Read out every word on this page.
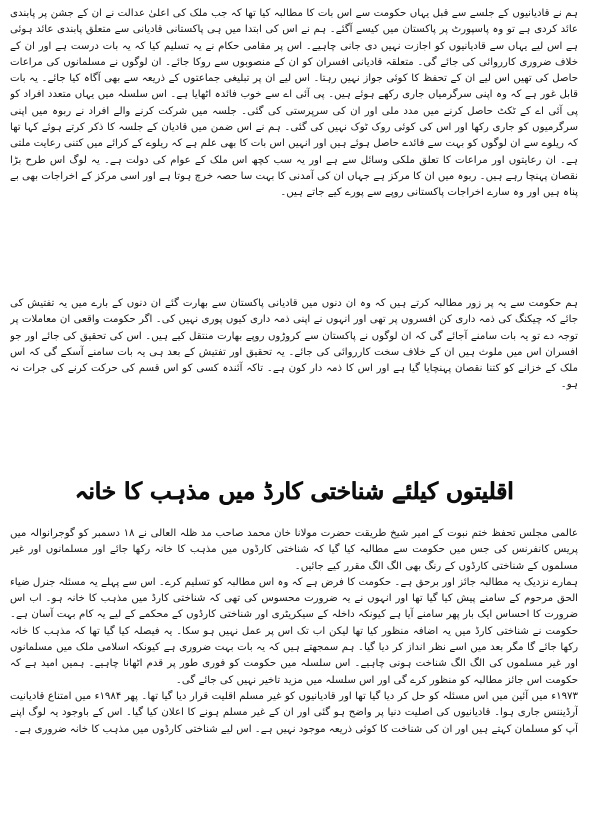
ہم نے قادیانیوں کے جلسے سے قبل یہاں حکومت سے اس بات کا مطالبہ کیا تھا کہ جب ملک کی اعلیٰ عدالت نے ان کے جشن پر پابندی عائد کردی ہے تو وہ پاسپورٹ پر پاکستان میں کیسے آگئے۔ ہم نے اس کی ابتدا میں ہی پاکستانی قادیانی سے متعلق پابندی عائد ہوئی ہے اس لیے یہاں سے قادیانیوں کو اجازت نہیں دی جانی چاہیے۔ اس پر مقامی حکام نے یہ تسلیم کیا کہ یہ بات درست ہے اور ان کے خلاف ضروری کارروائی کی جائے گی۔ متعلقہ قادیانی افسران کو ان کے منصوبوں سے روکا جائے۔ ان لوگوں نے مسلمانوں کی مراعات حاصل کی تھیں اس لیے ان کے تحفظ کا کوئی جواز نہیں رہتا۔ اس لیے ان پر تبلیغی جماعتوں کے ذریعہ سے بھی آگاہ کیا جائے۔ یہ بات قابل غور ہے کہ وہ اپنی سرگرمیاں جاری رکھے ہوئے ہیں۔ پی آئی اے سے خوب فائدہ اٹھایا ہے۔ اس سلسلہ میں یہاں متعدد افراد کو پی آئی اے کے ٹکٹ حاصل کرنے میں مدد ملی اور ان کی سرپرستی کی گئی۔ جلسہ میں شرکت کرنے والے افراد نے ربوہ میں اپنی سرگرمیوں کو جاری رکھا اور اس کی کوئی روک ٹوک نہیں کی گئی۔ ہم نے اس ضمن میں قادیان کے جلسہ کا ذکر کرتے ہوئے کہا تھا کہ ریلوے سے ان لوگوں کو بہت سے فائدے حاصل ہوئے ہیں اور انہیں اس بات کا بھی علم ہے کہ ریلوے کے کرائے میں کتنی رعایت ملتی ہے۔ ان رعایتوں اور مراعات کا تعلق ملکی وسائل سے ہے اور یہ سب کچھ اس ملک کے عوام کی دولت ہے۔ یہ لوگ اس طرح بڑا نقصان پہنچا رہے ہیں۔ ربوہ میں ان کا مرکز ہے جہاں ان کی آمدنی کا بہت سا حصہ خرچ ہوتا ہے اور اسی مرکز کے اخراجات بھی بے پناہ ہیں اور وہ سارے اخراجات پاکستانی روپے سے پورے کیے جاتے ہیں۔

ہم حکومت سے یہ پر زور مطالبہ کرتے ہیں کہ وہ ان دنوں میں قادیانی پاکستان سے بھارت گئے ان دنوں کے بارے میں یہ تفتیش کی جائے کہ چیکنگ کی ذمہ داری کن افسروں پر تھی اور انہوں نے اپنی ذمہ داری کیوں پوری نہیں کی۔ اگر حکومت واقعی ان معاملات پر توجہ دے تو یہ بات سامنے آجائے گی کہ ان لوگوں نے پاکستان سے کروڑوں روپے بھارت منتقل کیے ہیں۔ اس کی تحقیق کی جائے اور جو افسران اس میں ملوث ہیں ان کے خلاف سخت کارروائی کی جائے۔ یہ تحقیق اور تفتیش کے بعد ہی یہ بات سامنے آسکے گی کہ اس ملک کے خزانے کو کتنا نقصان پہنچایا گیا ہے اور اس کا ذمہ دار کون ہے۔ تاکہ آئندہ کسی کو اس قسم کی حرکت کرنے کی جرات نہ ہو۔

اقلیتوں کیلئے شناختی کارڈ میں مذہب کا خانہ

عالمی مجلس تحفظ ختم نبوت کے امیر شیخ طریقت حضرت مولانا خان محمد صاحب مد ظلہ العالی نے ۱۸ دسمبر کو گوجرانوالہ میں پریس کانفرنس کی جس میں حکومت سے مطالبہ کیا گیا کہ شناختی کارڈوں میں مذہب کا خانہ رکھا جائے اور مسلمانوں اور غیر مسلموں کے شناختی کارڈوں کے رنگ بھی الگ الگ مقرر کیے جائیں۔

ہمارے نزدیک یہ مطالبہ جائز اور برحق ہے۔ حکومت کا فرض ہے کہ وہ اس مطالبہ کو تسلیم کرے۔ اس سے پہلے یہ مسئلہ جنرل ضیاء الحق مرحوم کے سامنے پیش کیا گیا تھا اور انہوں نے یہ ضرورت محسوس کی تھی کہ شناختی کارڈ میں مذہب کا خانہ ہو۔ اب اس ضرورت کا احساس ایک بار پھر سامنے آیا ہے کیونکہ داخلہ کے سیکریٹری اور شناختی کارڈوں کے محکمے کے لیے یہ کام بہت آسان ہے۔ حکومت نے شناختی کارڈ میں یہ اضافہ منظور کیا تھا لیکن اب تک اس پر عمل نہیں ہو سکا۔ یہ فیصلہ کیا گیا تھا کہ مذہب کا خانہ رکھا جائے گا مگر بعد میں اسے نظر انداز کر دیا گیا۔ ہم سمجھتے ہیں کہ یہ بات بہت ضروری ہے کیونکہ اسلامی ملک میں مسلمانوں اور غیر مسلموں کی الگ الگ شناخت ہونی چاہیے۔ اس سلسلہ میں حکومت کو فوری طور پر قدم اٹھانا چاہیے۔ ہمیں امید ہے کہ حکومت اس جائز مطالبہ کو منظور کرے گی اور اس سلسلہ میں مزید تاخیر نہیں کی جائے گی۔

۱۹۷۳ء میں آئین میں اس مسئلہ کو حل کر دیا گیا تھا اور قادیانیوں کو غیر مسلم اقلیت قرار دیا گیا تھا۔ پھر ۱۹۸۴ء میں امتناع قادیانیت آرڈیننس جاری ہوا۔ قادیانیوں کی اصلیت دنیا پر واضح ہو گئی اور ان کے غیر مسلم ہونے کا اعلان کیا گیا۔ اس کے باوجود یہ لوگ اپنے آپ کو مسلمان کہتے ہیں اور ان کی شناخت کا کوئی ذریعہ موجود نہیں ہے۔ اس لیے شناختی کارڈوں میں مذہب کا خانہ ضروری ہے۔
